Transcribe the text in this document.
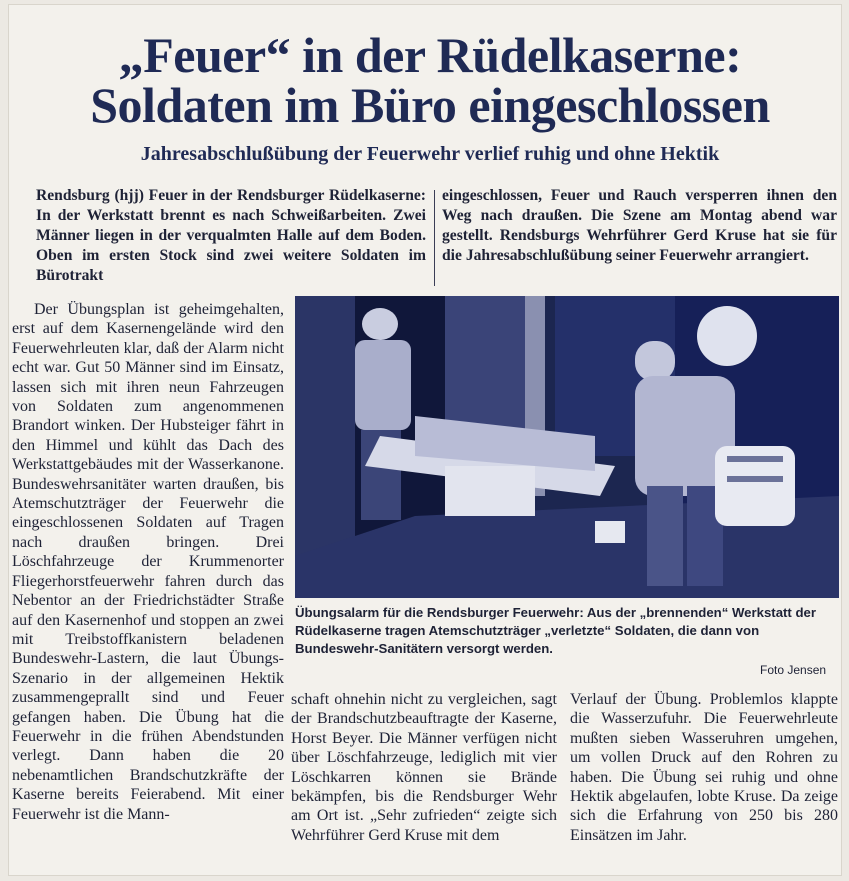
„Feuer“ in der Rüdelkaserne:
Soldaten im Büro eingeschlossen
Jahresabschlußübung der Feuerwehr verlief ruhig und ohne Hektik
Rendsburg (hjj) Feuer in der Rendsburger Rüdelkaserne: In der Werkstatt brennt es nach Schweißarbeiten. Zwei Männer liegen in der verqualmten Halle auf dem Boden. Oben im ersten Stock sind zwei weitere Soldaten im Bürotrakt
eingeschlossen, Feuer und Rauch versperren ihnen den Weg nach draußen. Die Szene am Montag abend war gestellt. Rendsburgs Wehrführer Gerd Kruse hat sie für die Jahresabschlußübung seiner Feuerwehr arrangiert.
Der Übungsplan ist geheimgehalten, erst auf dem Kasernengelände wird den Feuerwehrleuten klar, daß der Alarm nicht echt war. Gut 50 Männer sind im Einsatz, lassen sich mit ihren neun Fahrzeugen von Soldaten zum angenommenen Brandort winken. Der Hubsteiger fährt in den Himmel und kühlt das Dach des Werkstattgebäudes mit der Wasserkanone. Bundeswehrsanitäter warten draußen, bis Atemschutzträger der Feuerwehr die eingeschlossenen Soldaten auf Tragen nach draußen bringen. Drei Löschfahrzeuge der Krummenorter Fliegerhorstfeuerwehr fahren durch das Nebentor an der Friedrichstädter Straße auf den Kasernenhof und stoppen an zwei mit Treibstoffkanistern beladenen Bundeswehr-Lastern, die laut Übungs-Szenario in der allgemeinen Hektik zusammengeprallt sind und Feuer gefangen haben. Die Übung hat die Feuerwehr in die frühen Abendstunden verlegt. Dann haben die 20 nebenamtlichen Brandschutzkräfte der Kaserne bereits Feierabend. Mit einer Feuerwehr ist die Mann-
Übungsalarm für die Rendsburger Feuerwehr: Aus der „brennenden“ Werkstatt der Rüdelkaserne tragen Atemschutzträger „verletzte“ Soldaten, die dann von Bundeswehr-Sanitätern versorgt werden.
Foto Jensen
schaft ohnehin nicht zu vergleichen, sagt der Brandschutzbeauftragte der Kaserne, Horst Beyer. Die Männer verfügen nicht über Löschfahrzeuge, lediglich mit vier Löschkarren können sie Brände bekämpfen, bis die Rendsburger Wehr am Ort ist. „Sehr zufrieden“ zeigte sich Wehrführer Gerd Kruse mit dem
Verlauf der Übung. Problemlos klappte die Wasserzufuhr. Die Feuerwehrleute mußten sieben Wasseruhren umgehen, um vollen Druck auf den Rohren zu haben. Die Übung sei ruhig und ohne Hektik abgelaufen, lobte Kruse. Da zeige sich die Erfahrung von 250 bis 280 Einsätzen im Jahr.
